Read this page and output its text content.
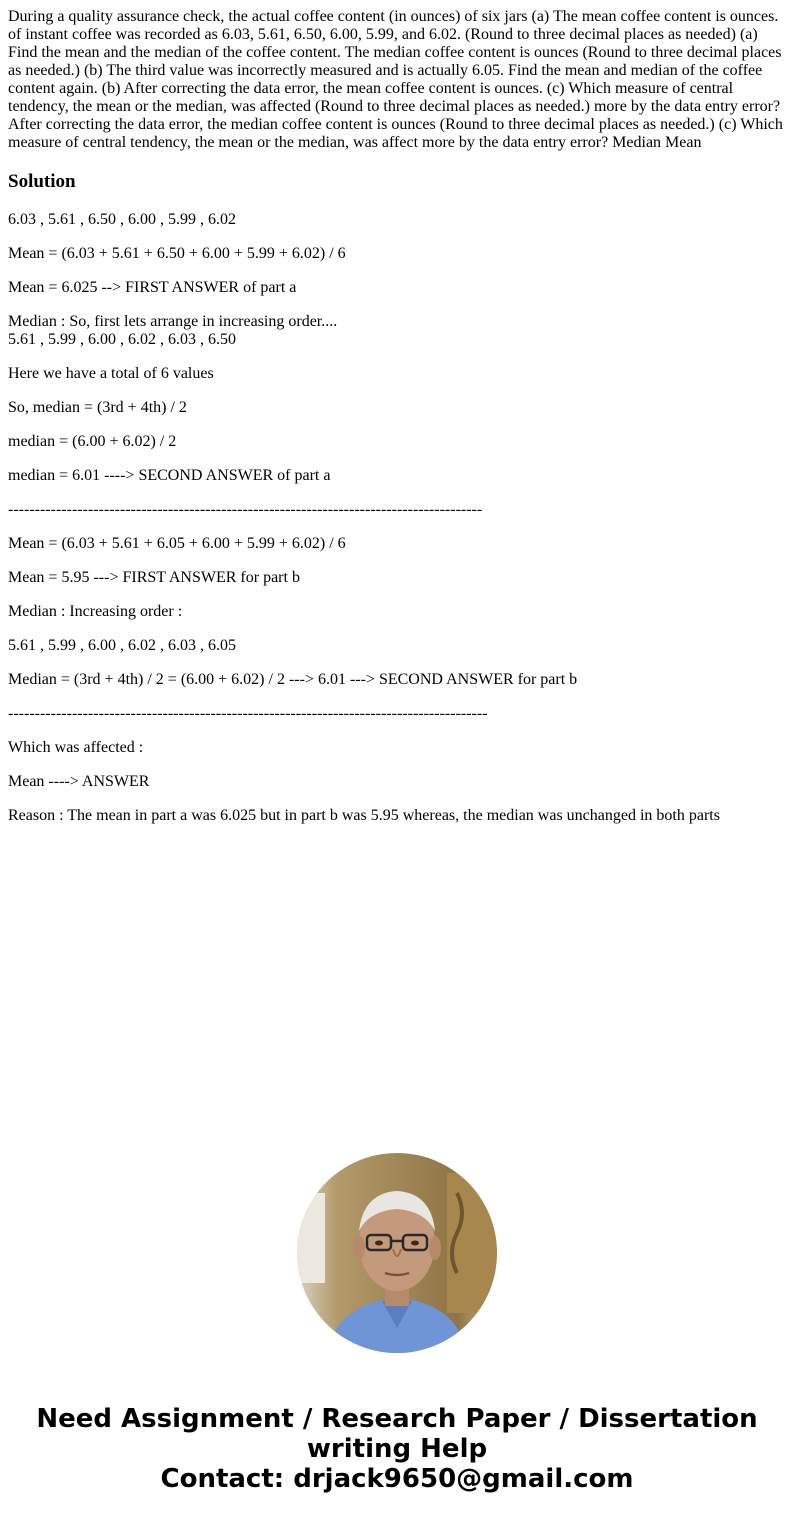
During a quality assurance check, the actual coffee content (in ounces) of six jars (a) The mean coffee content is ounces. of instant coffee was recorded as 6.03, 5.61, 6.50, 6.00, 5.99, and 6.02. (Round to three decimal places as needed) (a) Find the mean and the median of the coffee content. The median coffee content is ounces (Round to three decimal places as needed.) (b) The third value was incorrectly measured and is actually 6.05. Find the mean and median of the coffee content again. (b) After correcting the data error, the mean coffee content is ounces. (c) Which measure of central tendency, the mean or the median, was affected (Round to three decimal places as needed.) more by the data entry error? After correcting the data error, the median coffee content is ounces (Round to three decimal places as needed.) (c) Which measure of central tendency, the mean or the median, was affect more by the data entry error? Median Mean

Solution

6.03 , 5.61 , 6.50 , 6.00 , 5.99 , 6.02

Mean = (6.03 + 5.61 + 6.50 + 6.00 + 5.99 + 6.02) / 6

Mean = 6.025 --> FIRST ANSWER of part a

Median : So, first lets arrange in increasing order....
5.61 , 5.99 , 6.00 , 6.02 , 6.03 , 6.50

Here we have a total of 6 values

So, median = (3rd + 4th) / 2

median = (6.00 + 6.02) / 2

median = 6.01 ----> SECOND ANSWER of part a

-----------------------------------------------------------------------------------------

Mean = (6.03 + 5.61 + 6.05 + 6.00 + 5.99 + 6.02) / 6

Mean = 5.95 ---> FIRST ANSWER for part b

Median : Increasing order :

5.61 , 5.99 , 6.00 , 6.02 , 6.03 , 6.05

Median = (3rd + 4th) / 2 = (6.00 + 6.02) / 2 ---> 6.01 ---> SECOND ANSWER for part b

------------------------------------------------------------------------------------------

Which was affected :

Mean ----> ANSWER

Reason : The mean in part a was 6.025 but in part b was 5.95 whereas, the median was unchanged in both parts

Need Assignment / Research Paper / Dissertation
writing Help
Contact: drjack9650@gmail.com
